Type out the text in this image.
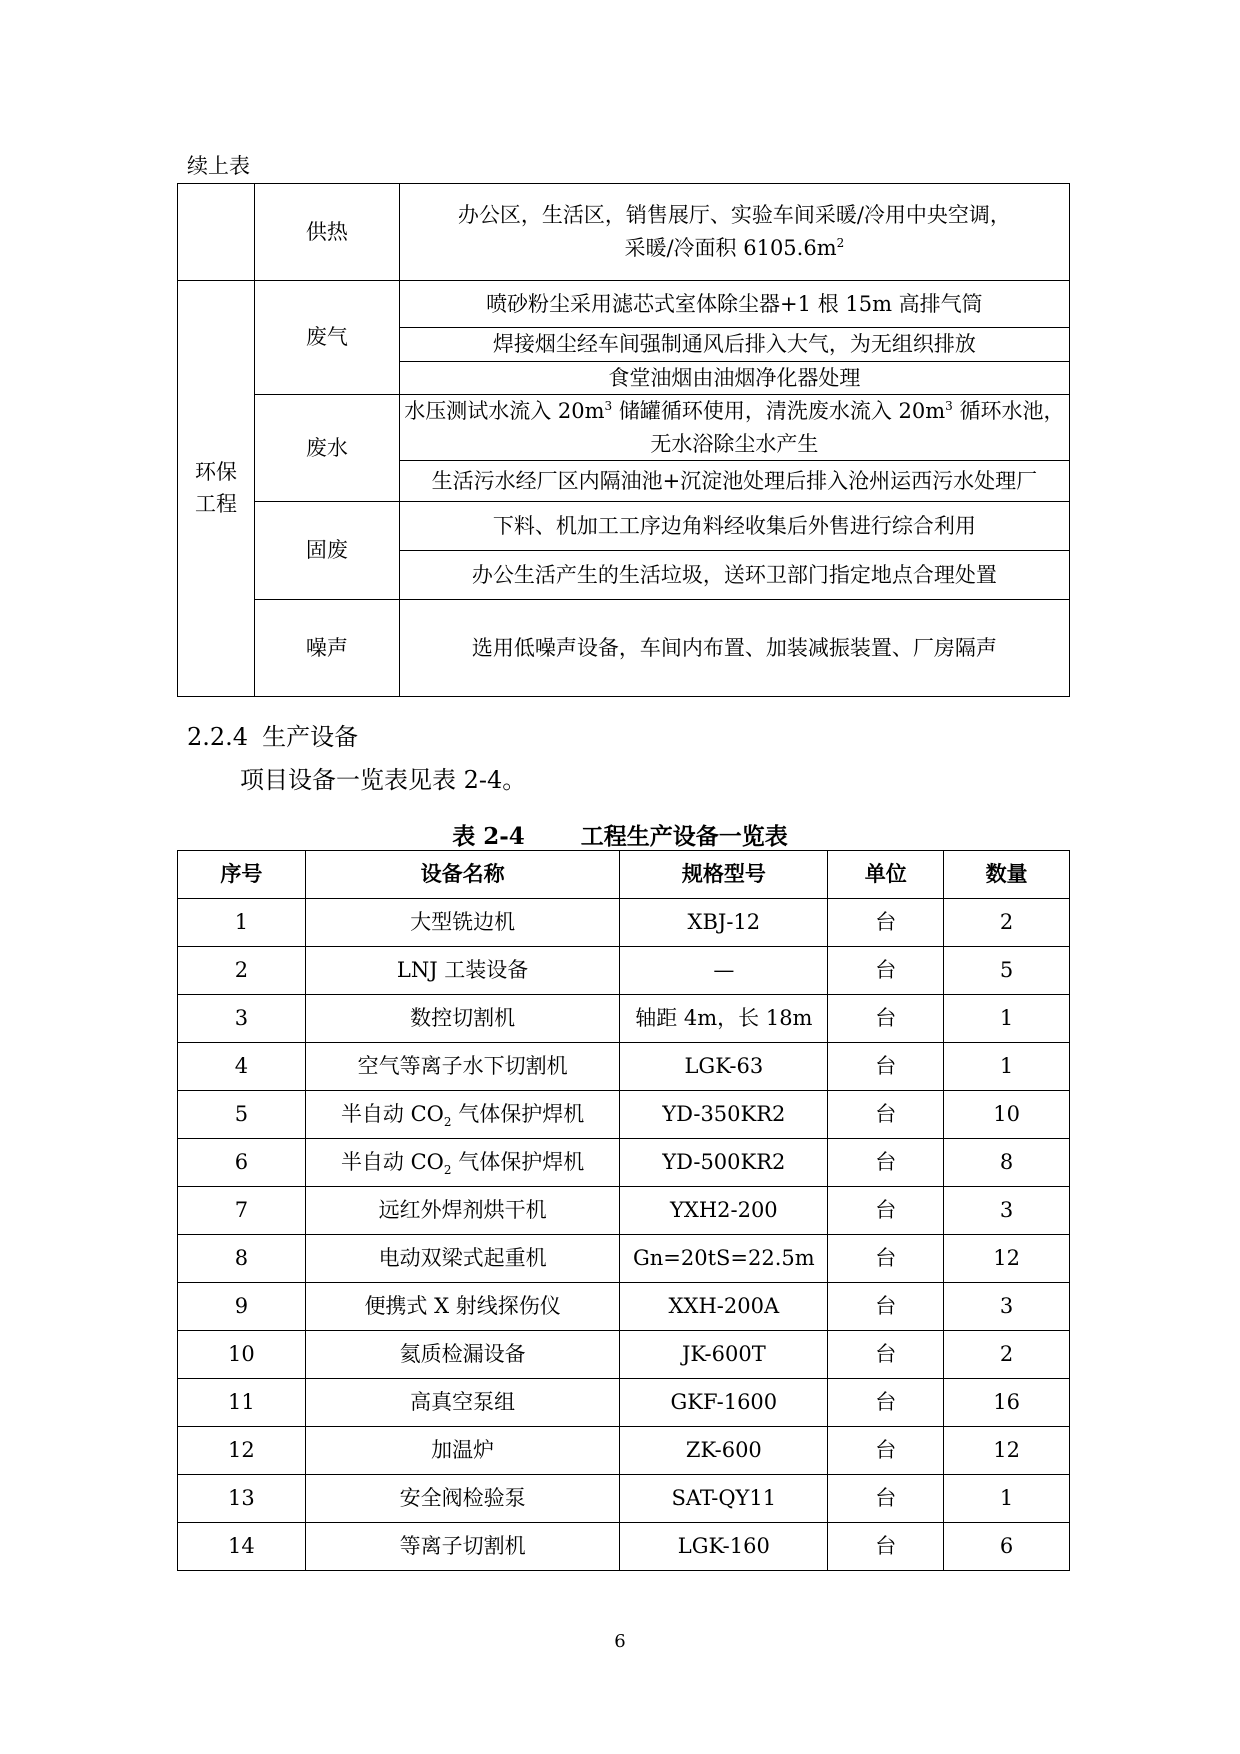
续上表
	供热	办公区，生活区，销售展厅、实验车间采暖/冷用中央空调，
采暖/冷面积 $6105.6m^2$

环保
工程	废气	喷砂粉尘采用滤芯式室体除尘器+1 根 15m 高排气筒
		焊接烟尘经车间强制通风后排入大气，为无组织排放
		食堂油烟由油烟净化器处理
	废水	水压测试水流入 $20m^3$ 储罐循环使用，清洗废水流入 $20m^3$ 循环水池，
无水浴除尘水产生

		生活污水经厂区内隔油池+沉淀池处理后排入沧州运西污水处理厂
	固废	下料、机加工工序边角料经收集后外售进行综合利用
		办公生活产生的生活垃圾，送环卫部门指定地点合理处置
	噪声	选用低噪声设备，车间内布置、加装减振装置、厂房隔声
2.2.4 生产设备
项目设备一览表见表 2-4。
表 2-4 工程生产设备一览表
序号	设备名称	规格型号	单位	数量
1	大型铣边机	XBJ-12	台	2
2	LNJ 工装设备	—	台	5
3	数控切割机	轴距 4m，长 18m	台	1
4	空气等离子水下切割机	LGK-63	台	1
5	半自动 $CO_2$ 气体保护焊机	YD-350KR2	台	10
6	半自动 $CO_2$ 气体保护焊机	YD-500KR2	台	8
7	远红外焊剂烘干机	YXH2-200	台	3
8	电动双梁式起重机	Gn=20tS=22.5m	台	12
9	便携式 X 射线探伤仪	XXH-200A	台	3
10	氦质检漏设备	JK-600T	台	2
11	高真空泵组	GKF-1600	台	16
12	加温炉	ZK-600	台	12
13	安全阀检验泵	SAT-QY11	台	1
14	等离子切割机	LGK-160	台	6
6
